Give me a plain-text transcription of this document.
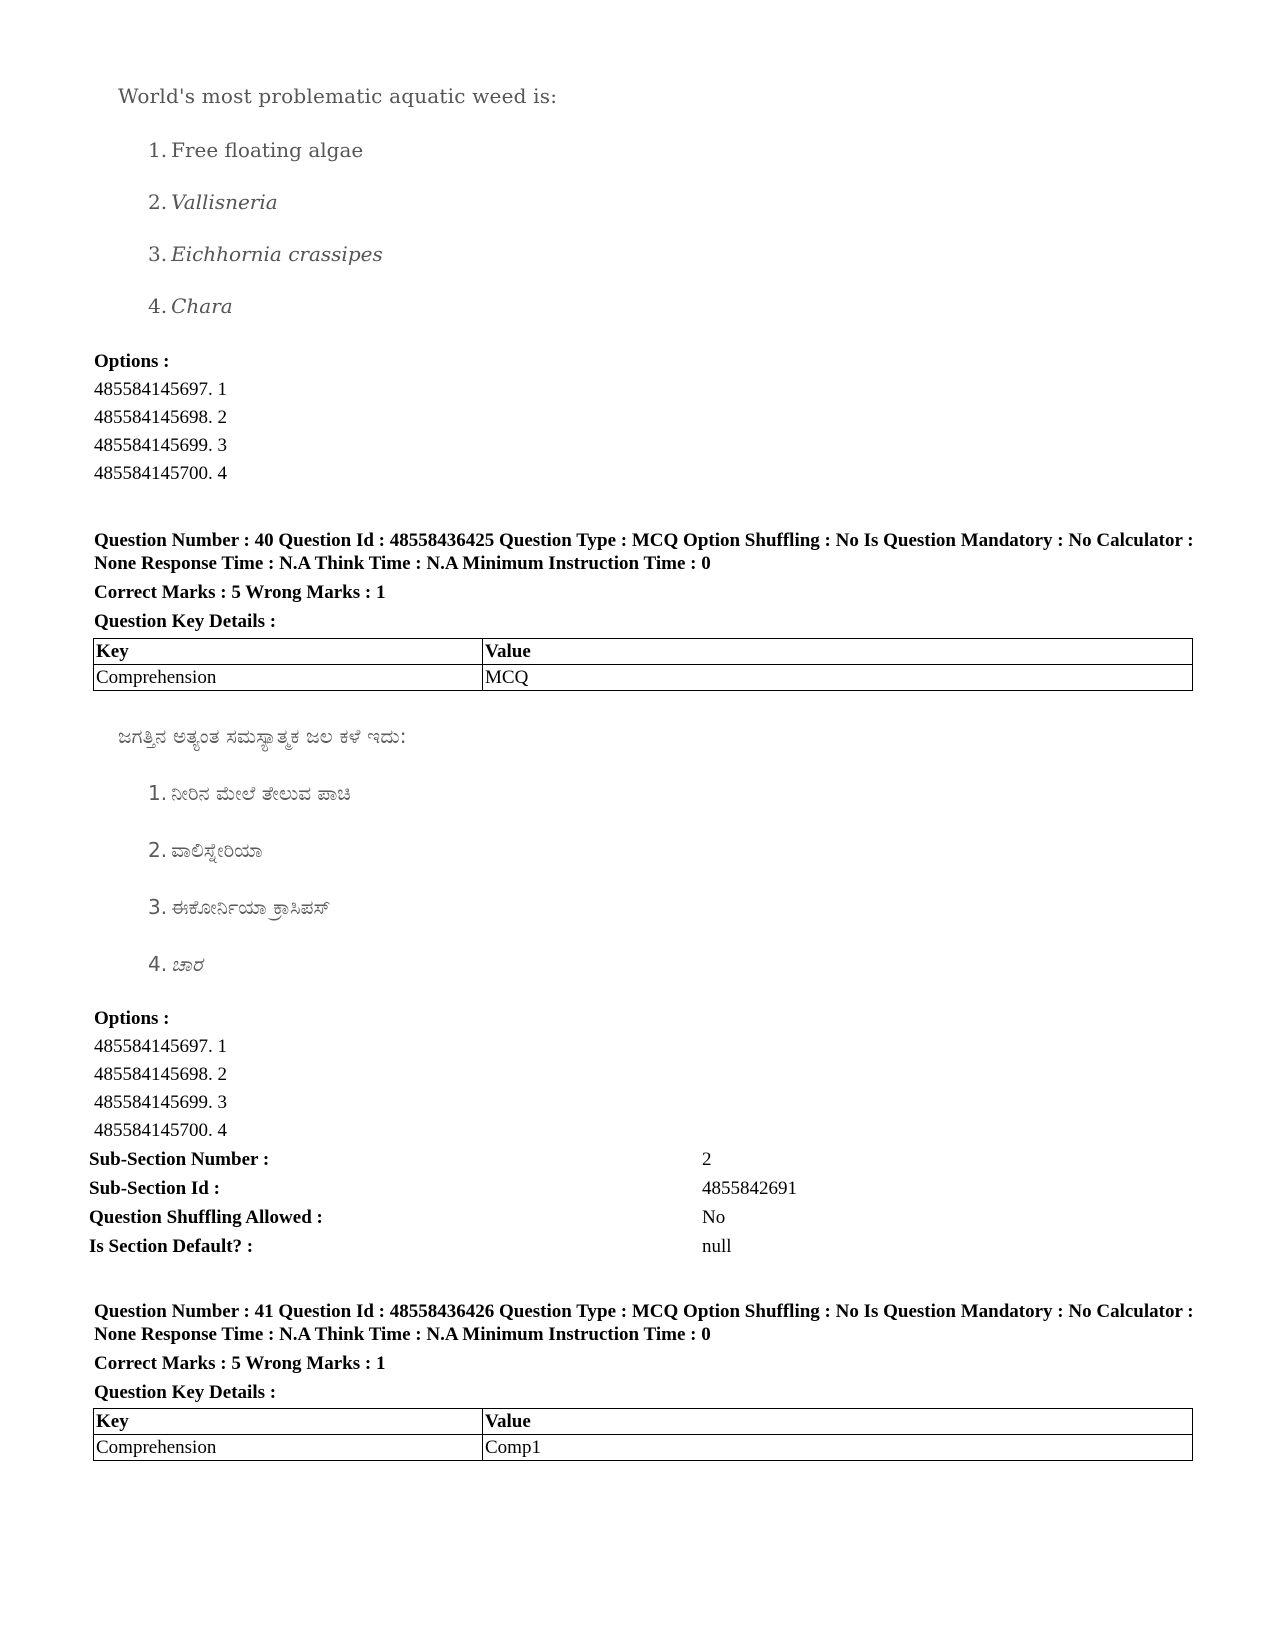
World's most problematic aquatic weed is:
1. Free floating algae
2. Vallisneria
3. Eichhornia crassipes
4. Chara
Options :
485584145697. 1
485584145698. 2
485584145699. 3
485584145700. 4
Question Number : 40 Question Id : 48558436425 Question Type : MCQ Option Shuffling : No Is Question Mandatory : No Calculator : None Response Time : N.A Think Time : N.A Minimum Instruction Time : 0
Correct Marks : 5 Wrong Marks : 1
Question Key Details :
Key	Value
Comprehension	MCQ
ಜಗತ್ತಿನ ಅತ್ಯಂತ ಸಮಸ್ಯಾತ್ಮಕ ಜಲ ಕಳೆ ಇದು:
1. ನೀರಿನ ಮೇಲೆ ತೇಲುವ ಪಾಚಿ
2. ವಾಲಿಸ್ನೇರಿಯಾ
3. ಈಕೋರ್ನಿಯಾ ಕ್ರಾಸಿಪಸ್
4. ಚಾರ
Options :
485584145697. 1
485584145698. 2
485584145699. 3
485584145700. 4
Sub-Section Number :	2
Sub-Section Id :	4855842691
Question Shuffling Allowed :	No
Is Section Default? :	null
Question Number : 41 Question Id : 48558436426 Question Type : MCQ Option Shuffling : No Is Question Mandatory : No Calculator : None Response Time : N.A Think Time : N.A Minimum Instruction Time : 0
Correct Marks : 5 Wrong Marks : 1
Question Key Details :
Key	Value
Comprehension	Comp1
